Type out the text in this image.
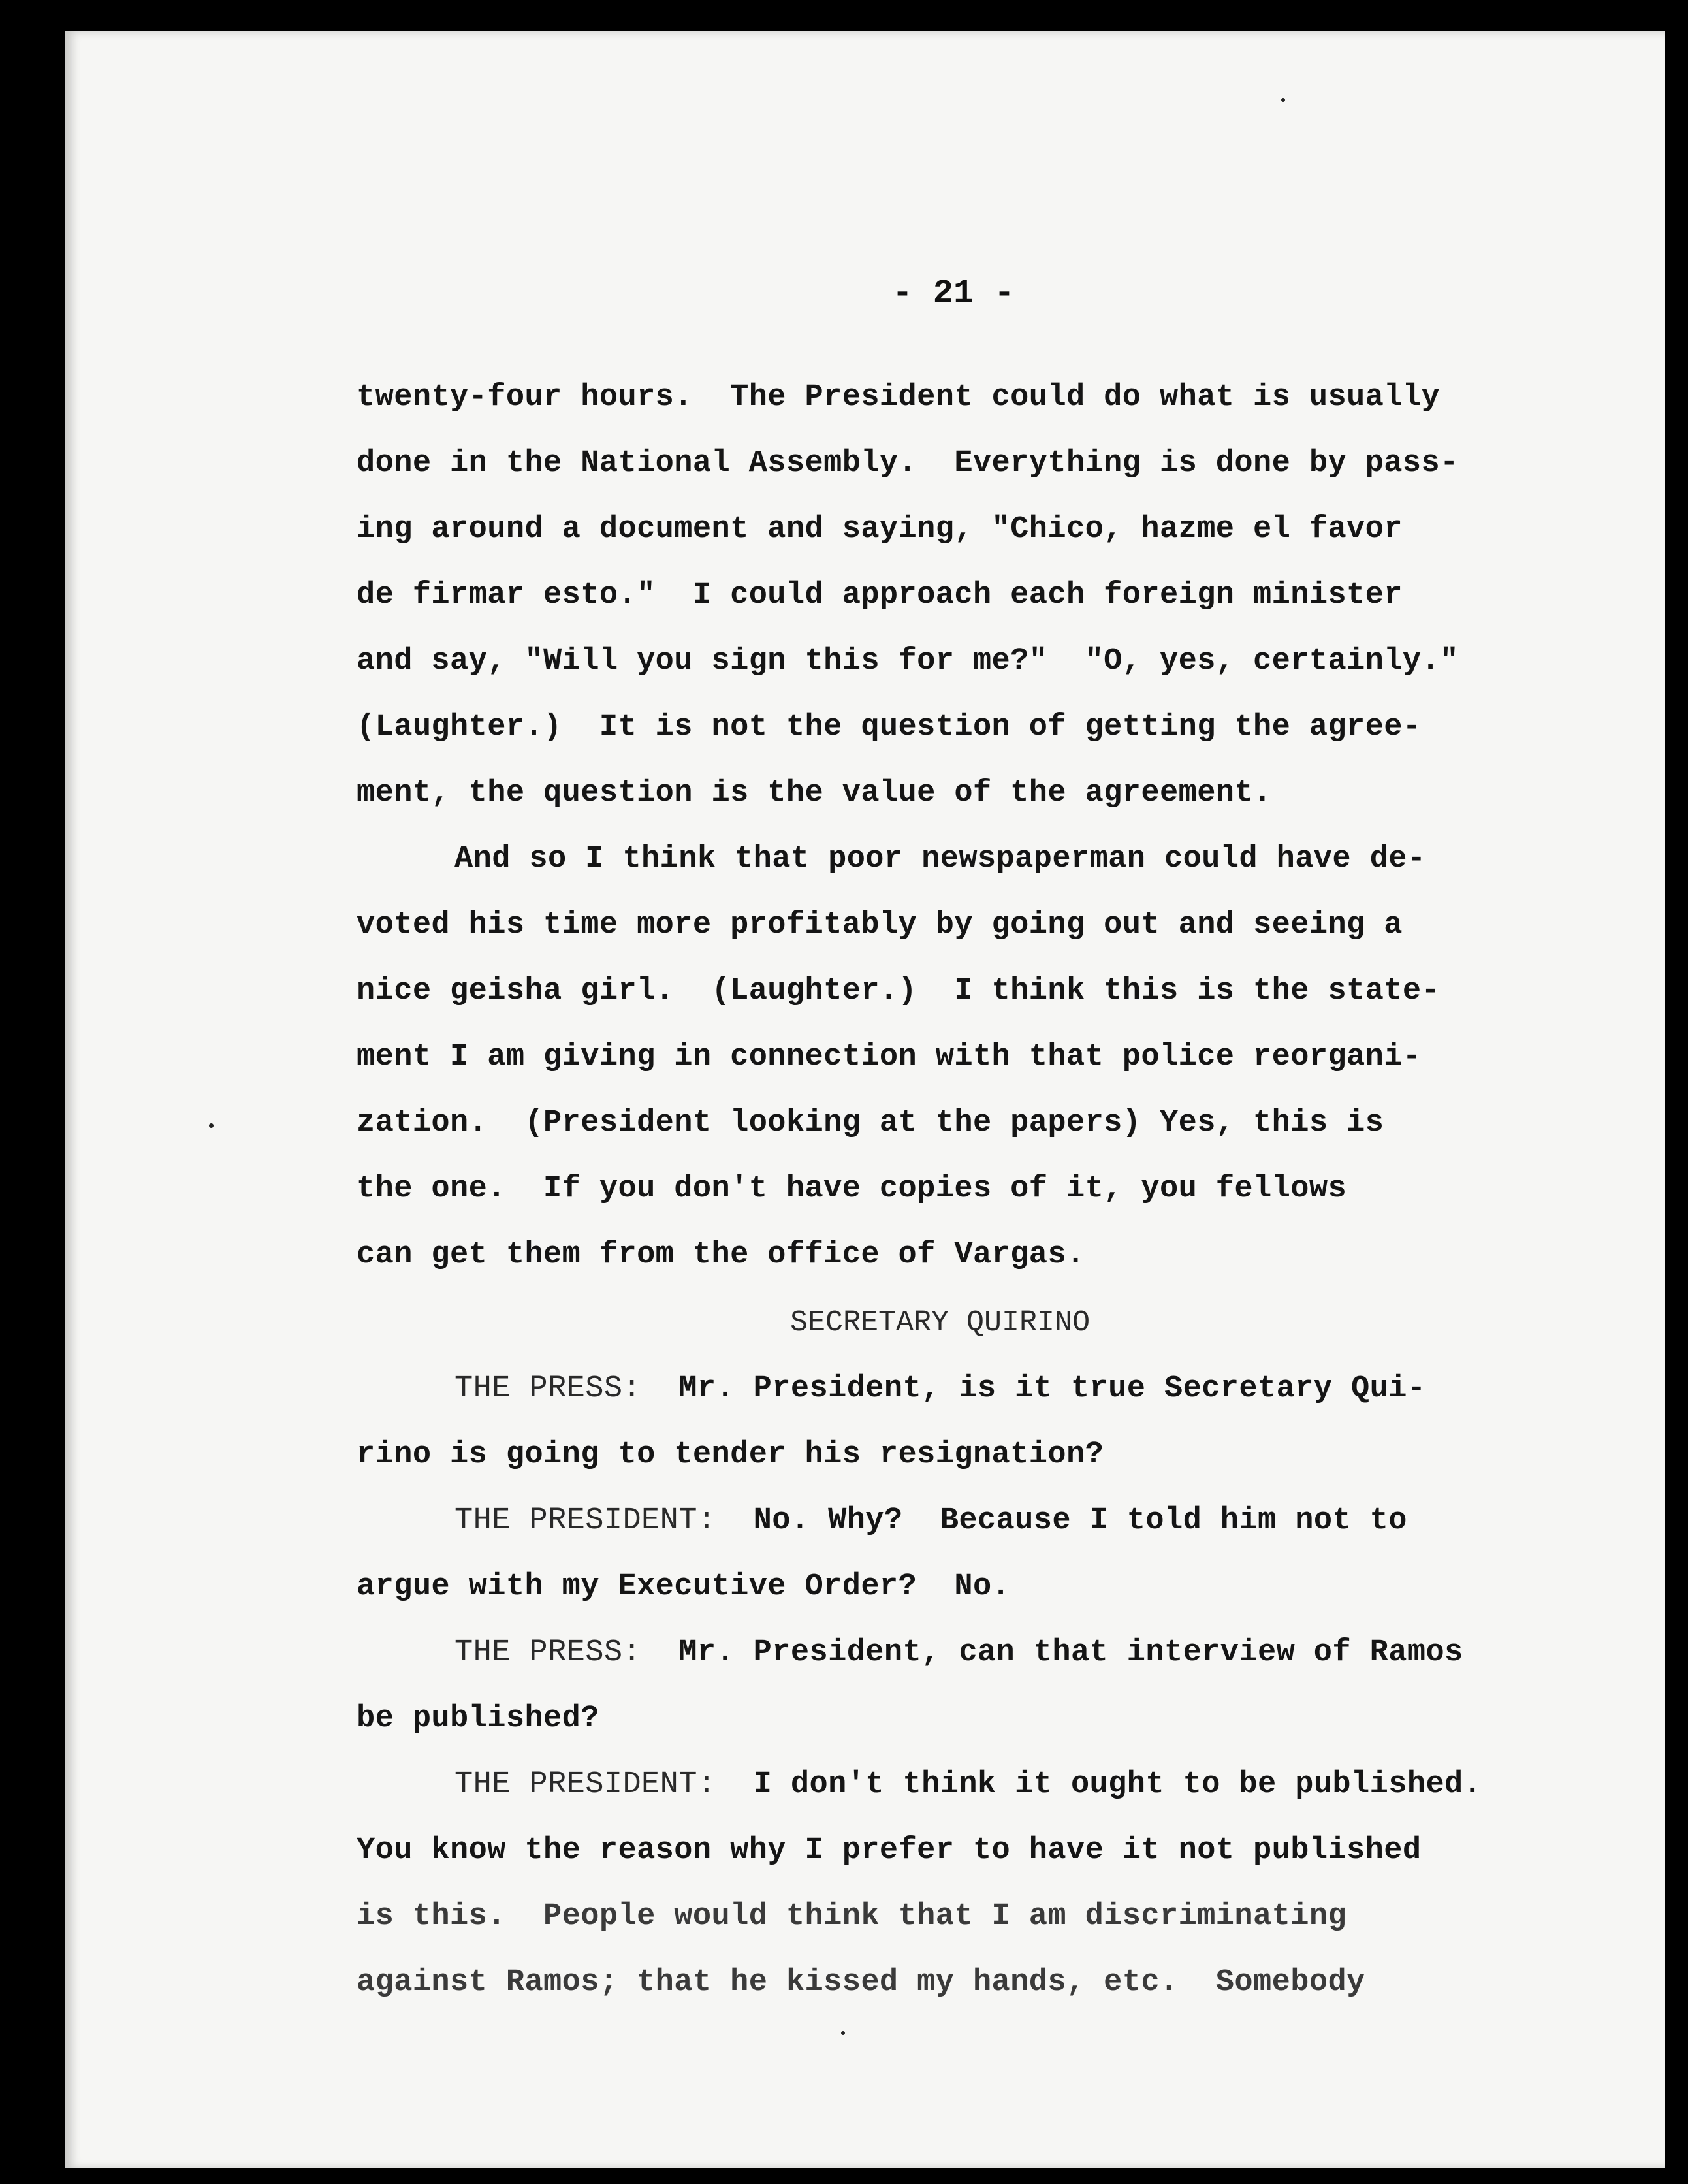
- 21 -
twenty-four hours.  The President could do what is usually
done in the National Assembly.  Everything is done by pass-
ing around a document and saying, "Chico, hazme el favor
de firmar esto."  I could approach each foreign minister
and say, "Will you sign this for me?"  "O, yes, certainly."
(Laughter.)  It is not the question of getting the agree-
ment, the question is the value of the agreement.
And so I think that poor newspaperman could have de-
voted his time more profitably by going out and seeing a
nice geisha girl.  (Laughter.)  I think this is the state-
ment I am giving in connection with that police reorgani-
zation.  (President looking at the papers) Yes, this is
the one.  If you don't have copies of it, you fellows
can get them from the office of Vargas.
SECRETARY QUIRINO
THE PRESS:  Mr. President, is it true Secretary Qui-
rino is going to tender his resignation?
THE PRESIDENT:  No. Why?  Because I told him not to
argue with my Executive Order?  No.
THE PRESS:  Mr. President, can that interview of Ramos
be published?
THE PRESIDENT:  I don't think it ought to be published.
You know the reason why I prefer to have it not published
is this.  People would think that I am discriminating
against Ramos; that he kissed my hands, etc.  Somebody
